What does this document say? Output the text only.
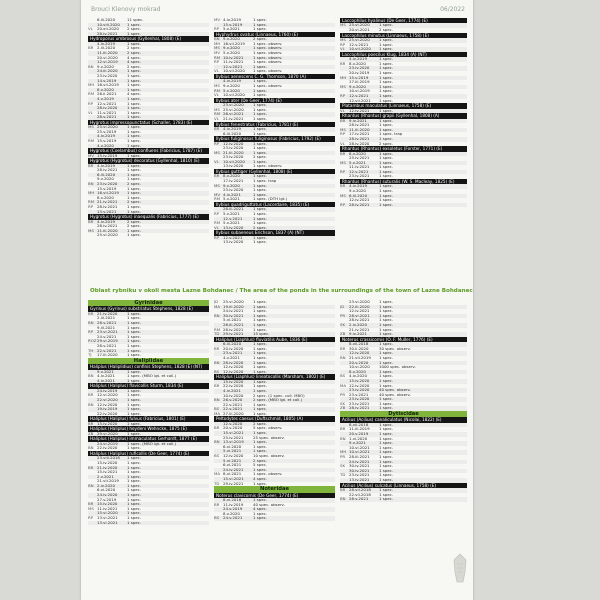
Brouci Klenovy mokrad	06/2022
6.iii.2020	11 spec.
10.viii.2020	1 spec.
VL	20.xii.2020	2 spec.
28.iv.2021	1 spec.
Hydroporus umbrosus (Gyllenhal, 1808) (E)
4.iv.2019	1 spec.
BR 2.iii.2020	2 spec.
11.iii.2020	2 spec.
20.vi.2020	4 spec.
12.vi.2019	4 spec.
BN 9.v.2020	2 spec.
24.iii.2020	1 spec.
23.iv.2020	1 spec.
14.v.2019	1 spec.
MH 16.vii.2019	1 spec.
8.v.2020	1 spec.
RM 26.ii.2021	4 spec.
4.v.2019	1 spec.
RP	12.v.2021	1 spec.
28.iv.2020	1 spec.
VL	11.v.2021	1 spec.
28.v.2021	1 spec.
Hygrotus impressopunctatus (Schaller, 1783) (E)
MS 25.vi.2020	1 spec.
25.v.2019	1 spec.
4.iv.2019	1 spec.
RM 15.v.2019	1 spec.
4.v.2020	1 spec.
Hygrotus (Coelambus) confluens (Fabricius, 1787) (E)
MV 15.iv.2019	1 spec.
Hygrotus (Hygrotus) decoratus (Gyllenhal, 1810) (E)
BR 4.iv.2019	1 spec.
28.iv.2021	1 spec.
6.iii.2020	1 spec.
9.v.2020	1 spec.
BN 23.iv.2020	2 spec.
15.v.2019	1 spec.
MH 16.vii.2019	1 spec.
8.v.2020	1 spec.
RM 21.iv.2021	2 spec.
RP	28.iv.2021	1 spec.
13.v.2021	1 spec.
Hygrotus (Hygrotus) inaequalis (Fabricius, 1777) (E)
BR 4.iv.2019	2 spec.
28.iv.2021	2 spec.
MS 11.iii.2020	1 spec.
25.vi.2020	1 spec.
MV 4.iv.2019	1 spec.
15.v.2019	1 spec.
RP	5.v.2021	1 spec.
Hyphydrus ovatus (Linnaeus, 1760) (E)
BN 9.v.2020	2 spec.
MH 16.vii.2019	1 spec. observ.
MS 9.v.2020	1 spec. observ.
MV 5.v.2020	1 spec. observ.
RM 10.iv.2021	1 spec. observ.
RP	11.iv.2021	1 spec. observ.
12.v.2021	1 spec.
VL	10.vii.2020	1 spec. observ.
Ilybius aenescens C. G. Thomson, 1870 (A)
4.iv.2019	1 spec.
MS 9.v.2020	1 spec. observ.
RM 5.v.2020	1 spec.
VL	10.vii.2020	1 spec.
Ilybius ater (De Geer, 1774) (E)
23.vi.2020	1 spec.
MS 25.vi.2020	1 spec.
RM 26.vi.2021	1 spec.
VL	21.iv.2021	1 spec.
Ilybius fenestratus (Fabricius, 1781) (E)
BR 4.iv.2019	1 spec.
6.iii.2020	1 spec.
Ilybius fuliginosus fuliginosus (Fabricius, 1792) (E)
RP	12.iv.2020	1 spec.
23.iv.2020	1 spec.
MS 21.iii.2020	1 spec.
23.iv.2020	2 spec.
VL	10.vii.2020	1 spec.
13.iv.2020	1 spec. observ.
Ilybius guttiger (Gyllenhal, 1808) (E)
BR 8.v.2020	1 spec.
17.iv.2021	1 spec. trap
MS 9.v.2020	1 spec.
23.iv.2020	1 spec.
MV 4.iv.2021	1 spec.
RM 5.v.2021	1 spec. (DTH lgt.)
Ilybius quadriguttatus (Lacordaire, 1835) (E)
28.iii.2021	1 spec.
RP	5.v.2021	1 spec.
12.v.2021	1 spec.
RM 5.v.2021	1 spec.
VL	13.iv.2020	2 spec.
Ilybius subaeneus Erichson, 1837 (A) (NT)
RP	12.v.2021	1 spec.
13.iv.2020	1 spec.
Laccophilus hyalinus (De Geer, 1774) (E)
MS 25.vi.2020	1 spec.
20.vi.2021	2 spec.
Laccophilus minutus (Linnaeus, 1758) (E)
MS 25.vi.2020	1 spec.
RP	12.v.2021	1 spec.
VL	10.vii.2020	1 spec.
Laccophilus poecilus Klug, 1834 (A) (NT)
4.iv.2019	1 spec.
BR 8.v.2020	1 spec.
23.iv.2020	1 spec.
20.iv.2019	1 spec.
MH 15.v.2019	1 spec.
17.iii.2019	1 spec.
MS 9.v.2020	1 spec.
10.vi.2019	1 spec.
RP	12.v.2021	1 spec.
12.vii.2021	1 spec.
Platambus maculatus (Linnaeus, 1758) (E)
VL	12.iv.2021	1 spec.
Rhantus (Rhantus) grapii (Gyllenhal, 1808) (A)
BR 9.iv.2021	1 spec.
28.iv.2021	1 spec.
MS 11.iii.2020	1 spec.
RP	17.iv.2021	1 spec. trap
28.iv.2021	1 spec.
VL	28.iv.2020	2 spec.
Rhantus (Rhantus) exsoletus (Forster, 1771) (E)
BR 8.v.2020	1 spec.
25.iv.2021	1 spec.
MS 5.v.2021	1 spec.
11.iv.2021	1 spec.
RP	12.v.2021	1 spec.
23.iv.2021	1 spec.
Rhantus (Rhantus) suturalis (W. S. Macleay, 1825) (E)
BR 4.iv.2019	1 spec.
9.v.2020	1 spec.
MS 6.iii.2020	1 spec.
12.iv.2021	1 spec.
RP	28.iv.2021	1 spec.
Oblast rybniku v okoli mesta Lazne Bohdanec / The area of the ponds in the surroundings of the town of Lazne Bohdanec
Gyrinidae
Gyrinus (Gyrinus) substriatus Stephens, 1828 (E)
BR 21.iv.2020	1 spec.
2.iii.2021	1 spec.
BN 28.v.2021	1 spec.
9.iii.2021	1 spec.
RP	23.vi.2021	1 spec.
24.v.2021	1 spec.
ROZ 29.vi.2019	1 spec.
28.v.2021	1 spec.
TH 22.v.2021	1 spec.
TJ	17.iii.2020	1 spec.
Haliplidae
Haliplus (Haliplidius) confinis Stephens, 1828 (E) (NT)
9.v.2021	1 spec.
BN 4.iv.2021	1 spec. (MBO lgt. et coll.)
4.iv.2021	1 spec.
Haliplus (Haliplus) flavicollis Sturm, 1834 (E)
24.iv.2019	1 spec.
BR 12.vi.2020	1 spec.
22.vi.2020	1 spec.
BN 12.iv.2020	1 spec.
19.iv.2019	1 spec.
22.iv.2020	1 spec.
Haliplus (Haliplus) fulvus (Fabricius, 1801) (E)
BR 15.iv.2020	1 spec.
Haliplus (Haliplus) heydeni Wehncke, 1875 (E)
ZB 29.vi.2020	1 spec.
Haliplus (Haliplus) immaculatus Gerhardt, 1877 (E)
24.vi.2019	1 spec. (MBO lgt. et coll.)
BN 22.iv.2020	1 spec.
Haliplus (Haliplus) ruficollis (De Geer, 1774) (E)
23.viii.2018	1 spec.
15.iv.2020	1 spec.
BR 21.iv.2020	1 spec.
15.iv.2021	1 spec.
2.v.2021	1 spec.
21.vii.2019	1 spec.
BN 2.iv.2020	1 spec.
6.vi.2020	1 spec.
24.iv.2020	1 spec.
27.v.2019	1 spec.
BR 15.iv.2020	1 spec.
MS 11.iv.2021	1 spec.
15.vi.2020	1 spec.
RP	13.vi.2021	1 spec.
13.vi.2021	1 spec.
JD	25.vi.2020	1 spec.
MA 19.iii.2020	1 spec.
24.iv.2021	1 spec.
BN 30.iv.2021	1 spec.
5.vi.2021	1 spec.
26.iii.2021	1 spec.
RM 28.iv.2021	1 spec.
TD 29.iv.2021	15 spec.
Haliplus (Liaphlus) fluviatilis Aube, 1836 (E)
6.iii.2020	1 spec.
BR 20.iv.2020	1 spec.
23.v.2021	1 spec.
4.v.2021	1 spec.
BN 28.iv.2020	1 spec.
12.iv.2020	1 spec.
BS	12.iv.2020	1 spec.
Haliplus (Liaphlus) lineatocollis (Marsham, 1802) (E)
15.iv.2020	1 spec.
BR 22.iv.2020	1 spec.
4.iv.2021	1 spec.
10.iv.2020	2 spec. (1 spec. coll. MBO)
BN 26.v.2020	2 spec. (MBO lgt. et coll.)
22.v.2021	1 spec.
BS	22.v.2021	1 spec.
MA 27.iii.2020	1 spec.
Peltodytes caesus (Duftschmid, 1805) (A)
12.v.2020	2 spec.
BR 20.v.2020	5 spec. observ.
15.vi.2021	1 spec.
25.iv.2021	25 spec. observ.
BN 13.vi.2019	1 spec.
6.vi.2020	1 spec.
5.vi.2021	1 spec.
BS	12.iv.2020	10 spec. observ.
5.vi.2021	2 spec.
6.vi.2021	5 spec.
24.iv.2021	1 spec.
MA 8.vi.2021	1 spec. observ.
15.vi.2021	4 spec.
TD 29.iv.2021	1 spec.
Noteridae
Noterus clavicornis (De Geer, 1774) (E)
8.vi.2018	1 spec.
BR 11.iv.2019	40 spec. observ.
24.v.2019	4 spec.
8.v.2020	1 spec.
BS	24.v.2021	1 spec.
23.vi.2020	1 spec.
JD	22.iii.2020	1 spec.
12.iv.2021	1 spec.
PR	28.vi.2021	1 spec.
28.iv.2021	1 spec.
SK	2.iv.2020	1 spec.
21.iv.2021	1 spec.
ZB 9.iv.2021	1 spec.
Noterus crassicornis (O. F. Muller, 1776) (E)
8.vii.2018	1 spec.
BR 30.ii.2020	30 spec. observ.
12.iv.2020	1 spec.
BN 21.vii.2019	1 spec.
20.v.2020	1 spec.
10.vi.2020	1000 spec. observ.
8.v.2020	1 spec.
BS	4.iv.2020	1 spec.
15.iv.2020	1 spec.
MA 12.iv.2020	1 spec.
23.iv.2020	40 spec. observ.
PR	23.v.2021	40 spec. observ.
23.iv.2020	1 spec.
SK	23.iv.2021	1 spec.
ZB 28.iv.2021	1 spec.
Dytiscidae
Acilius (Acilius) canaliculatus (Nicolai, 1822) (E)
8.vii.2018	1 spec.
BR 11.iii.2019	1 spec.
20.v.2019	1 spec.
BN 1.vi.2020	1 spec.
9.v.2021	1 spec.
10.vi.2021	1 spec.
MH 10.vi.2021	1 spec.
PR	28.iii.2021	1 spec.
24.iv.2021	1 spec.
SK	30.iv.2021	1 spec.
30.iv.2021	1 spec.
TD 23.iv.2021	1 spec.
13.iv.2021	1 spec.
Acilius (Acilius) sulcatus (Linnaeus, 1758) (E)
BR 28.vii.2018	1 spec.
22.vii.2018	1 spec.
BN 28.v.2021	1 spec.
